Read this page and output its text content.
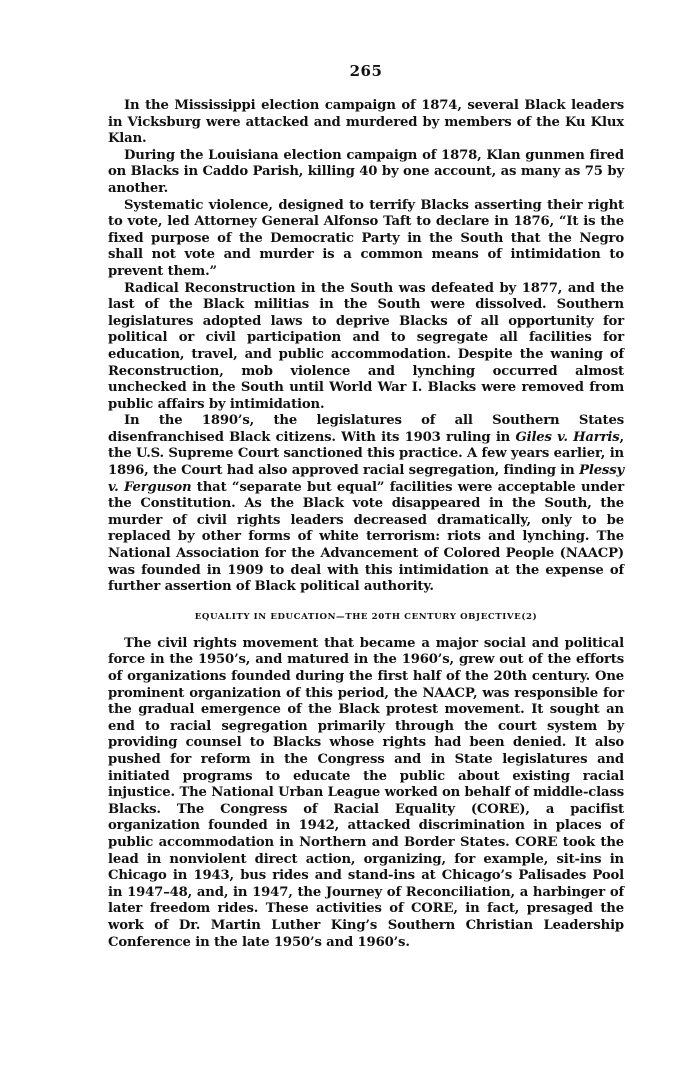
265

In the Mississippi election campaign of 1874, several Black leaders in Vicksburg were attacked and murdered by members of the Ku Klux Klan.

During the Louisiana election campaign of 1878, Klan gunmen fired on Blacks in Caddo Parish, killing 40 by one account, as many as 75 by another.

Systematic violence, designed to terrify Blacks asserting their right to vote, led Attorney General Alfonso Taft to declare in 1876, “It is the fixed purpose of the Democratic Party in the South that the Negro shall not vote and murder is a common means of intimidation to prevent them.”

Radical Reconstruction in the South was defeated by 1877, and the last of the Black militias in the South were dissolved. Southern legislatures adopted laws to deprive Blacks of all opportunity for political or civil participation and to segregate all facilities for education, travel, and public accommodation. Despite the waning of Reconstruction, mob violence and lynching occurred almost unchecked in the South until World War I. Blacks were removed from public affairs by intimidation.

In the 1890’s, the legislatures of all Southern States disenfranchised Black citizens. With its 1903 ruling in Giles v. Harris, the U.S. Supreme Court sanctioned this practice. A few years earlier, in 1896, the Court had also approved racial segregation, finding in Plessy v. Ferguson that “separate but equal” facilities were acceptable under the Constitution. As the Black vote disappeared in the South, the murder of civil rights leaders decreased dramatically, only to be replaced by other forms of white terrorism: riots and lynching. The National Association for the Advancement of Colored People (NAACP) was founded in 1909 to deal with this intimidation at the expense of further assertion of Black political authority.

EQUALITY IN EDUCATION—THE 20TH CENTURY OBJECTIVE(2)

The civil rights movement that became a major social and political force in the 1950’s, and matured in the 1960’s, grew out of the efforts of organizations founded during the first half of the 20th century. One prominent organization of this period, the NAACP, was responsible for the gradual emergence of the Black protest movement. It sought an end to racial segregation primarily through the court system by providing counsel to Blacks whose rights had been denied. It also pushed for reform in the Congress and in State legislatures and initiated programs to educate the public about existing racial injustice. The National Urban League worked on behalf of middle-class Blacks. The Congress of Racial Equality (CORE), a pacifist organization founded in 1942, attacked discrimination in places of public accommodation in Northern and Border States. CORE took the lead in nonviolent direct action, organizing, for example, sit-ins in Chicago in 1943, bus rides and stand-ins at Chicago’s Palisades Pool in 1947–48, and, in 1947, the Journey of Reconciliation, a harbinger of later freedom rides. These activities of CORE, in fact, presaged the work of Dr. Martin Luther King’s Southern Christian Leadership Conference in the late 1950’s and 1960’s.
